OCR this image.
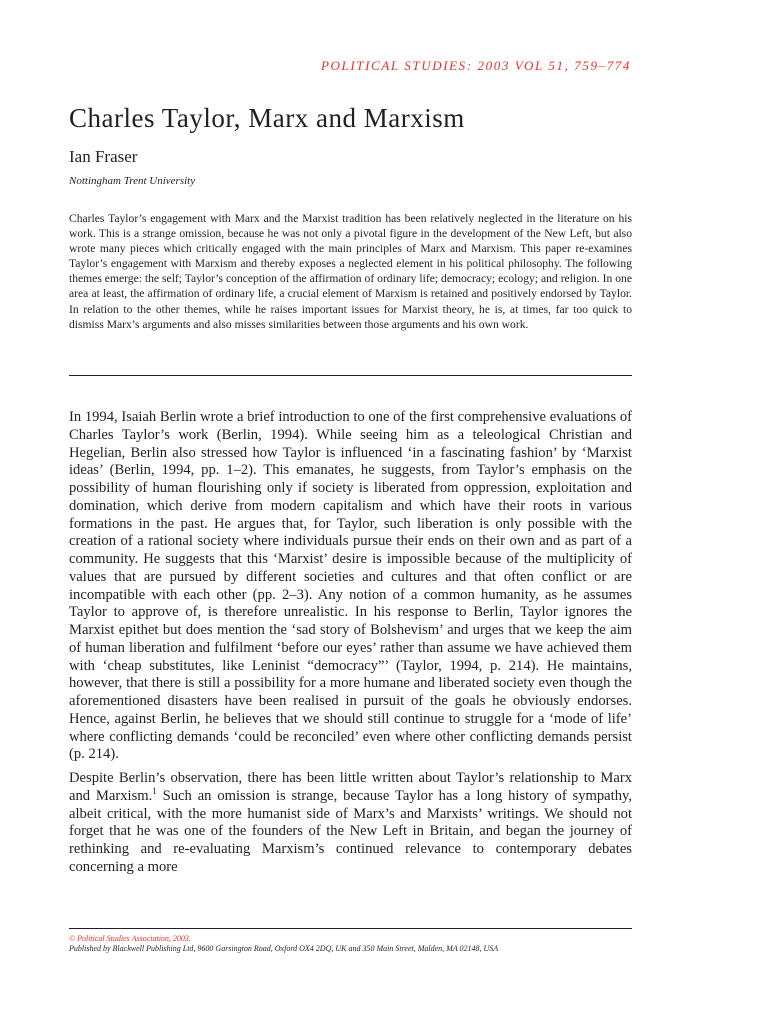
POLITICAL STUDIES: 2003 VOL 51, 759–774
Charles Taylor, Marx and Marxism
Ian Fraser
Nottingham Trent University

Charles Taylor’s engagement with Marx and the Marxist tradition has been relatively neglected in the literature on his work. This is a strange omission, because he was not only a pivotal figure in the development of the New Left, but also wrote many pieces which critically engaged with the main principles of Marx and Marxism. This paper re-examines Taylor’s engagement with Marxism and thereby exposes a neglected element in his political philosophy. The following themes emerge: the self; Taylor’s conception of the affirmation of ordinary life; democracy; ecology; and religion. In one area at least, the affirmation of ordinary life, a crucial element of Marxism is retained and positively endorsed by Taylor. In relation to the other themes, while he raises important issues for Marxist theory, he is, at times, far too quick to dismiss Marx’s arguments and also misses similarities between those arguments and his own work.

In 1994, Isaiah Berlin wrote a brief introduction to one of the first comprehensive evaluations of Charles Taylor’s work (Berlin, 1994). While seeing him as a teleological Christian and Hegelian, Berlin also stressed how Taylor is influenced ‘in a fascinating fashion’ by ‘Marxist ideas’ (Berlin, 1994, pp. 1–2). This emanates, he suggests, from Taylor’s emphasis on the possibility of human flourishing only if society is liberated from oppression, exploitation and domination, which derive from modern capitalism and which have their roots in various formations in the past. He argues that, for Taylor, such liberation is only possible with the creation of a rational society where individuals pursue their ends on their own and as part of a community. He suggests that this ‘Marxist’ desire is impossible because of the multiplicity of values that are pursued by different societies and cultures and that often conflict or are incompatible with each other (pp. 2–3). Any notion of a common humanity, as he assumes Taylor to approve of, is therefore unrealistic. In his response to Berlin, Taylor ignores the Marxist epithet but does mention the ‘sad story of Bolshevism’ and urges that we keep the aim of human liberation and fulfilment ‘before our eyes’ rather than assume we have achieved them with ‘cheap substitutes, like Leninist “democracy”’ (Taylor, 1994, p. 214). He maintains, however, that there is still a possibility for a more humane and liberated society even though the aforementioned disasters have been realised in pursuit of the goals he obviously endorses. Hence, against Berlin, he believes that we should still continue to struggle for a ‘mode of life’ where conflicting demands ‘could be reconciled’ even where other conflicting demands persist (p. 214).

Despite Berlin’s observation, there has been little written about Taylor’s relationship to Marx and Marxism.$^1$ Such an omission is strange, because Taylor has a long history of sympathy, albeit critical, with the more humanist side of Marx’s and Marxists’ writings. We should not forget that he was one of the founders of the New Left in Britain, and began the journey of rethinking and re-evaluating Marxism’s continued relevance to contemporary debates concerning a more

© Political Studies Association, 2003.
Published by Blackwell Publishing Ltd, 9600 Garsington Road, Oxford OX4 2DQ, UK and 350 Main Street, Malden, MA 02148, USA
